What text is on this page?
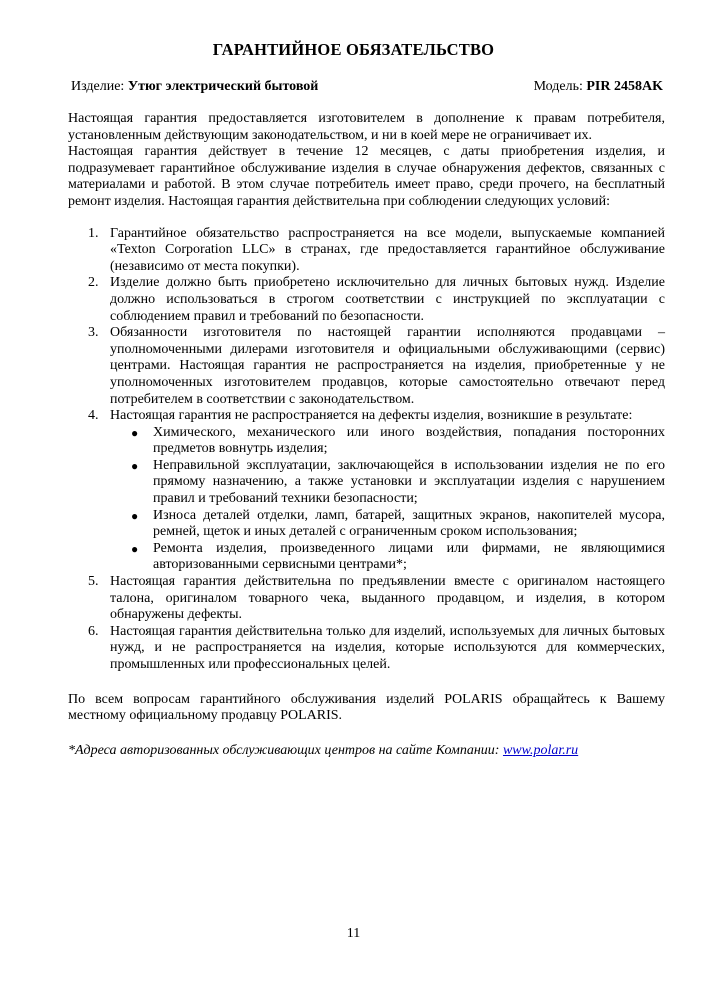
ГАРАНТИЙНОЕ ОБЯЗАТЕЛЬСТВО
Изделие: Утюг электрический бытовой	Модель: PIR 2458AK

Настоящая гарантия предоставляется изготовителем в дополнение к правам потребителя, установленным действующим законодательством, и ни в коей мере не ограничивает их.

Настоящая гарантия действует в течение 12 месяцев, с даты приобретения изделия, и подразумевает гарантийное обслуживание изделия в случае обнаружения дефектов, связанных с материалами и работой. В этом случае потребитель имеет право, среди прочего, на бесплатный ремонт изделия. Настоящая гарантия действительна при соблюдении следующих условий:

1. Гарантийное обязательство распространяется на все модели, выпускаемые компанией «Texton Corporation LLC» в странах, где предоставляется гарантийное обслуживание (независимо от места покупки).
2. Изделие должно быть приобретено исключительно для личных бытовых нужд. Изделие должно использоваться в строгом соответствии с инструкцией по эксплуатации с соблюдением правил и требований по безопасности.
3. Обязанности изготовителя по настоящей гарантии исполняются продавцами – уполномоченными дилерами изготовителя и официальными обслуживающими (сервис) центрами. Настоящая гарантия не распространяется на изделия, приобретенные у не уполномоченных изготовителем продавцов, которые самостоятельно отвечают перед потребителем в соответствии с законодательством.
4. Настоящая гарантия не распространяется на дефекты изделия, возникшие в результате:
● Химического, механического или иного воздействия, попадания посторонних предметов вовнутрь изделия;
● Неправильной эксплуатации, заключающейся в использовании изделия не по его прямому назначению, а также установки и эксплуатации изделия с нарушением правил и требований техники безопасности;
● Износа деталей отделки, ламп, батарей, защитных экранов, накопителей мусора, ремней, щеток и иных деталей с ограниченным сроком использования;
● Ремонта изделия, произведенного лицами или фирмами, не являющимися авторизованными сервисными центрами*;
5. Настоящая гарантия действительна по предъявлении вместе с оригиналом настоящего талона, оригиналом товарного чека, выданного продавцом, и изделия, в котором обнаружены дефекты.
6. Настоящая гарантия действительна только для изделий, используемых для личных бытовых нужд, и не распространяется на изделия, которые используются для коммерческих, промышленных или профессиональных целей.

По всем вопросам гарантийного обслуживания изделий POLARIS обращайтесь к Вашему местному официальному продавцу POLARIS.

*Адреса авторизованных обслуживающих центров на сайте Компании: www.polar.ru

11
